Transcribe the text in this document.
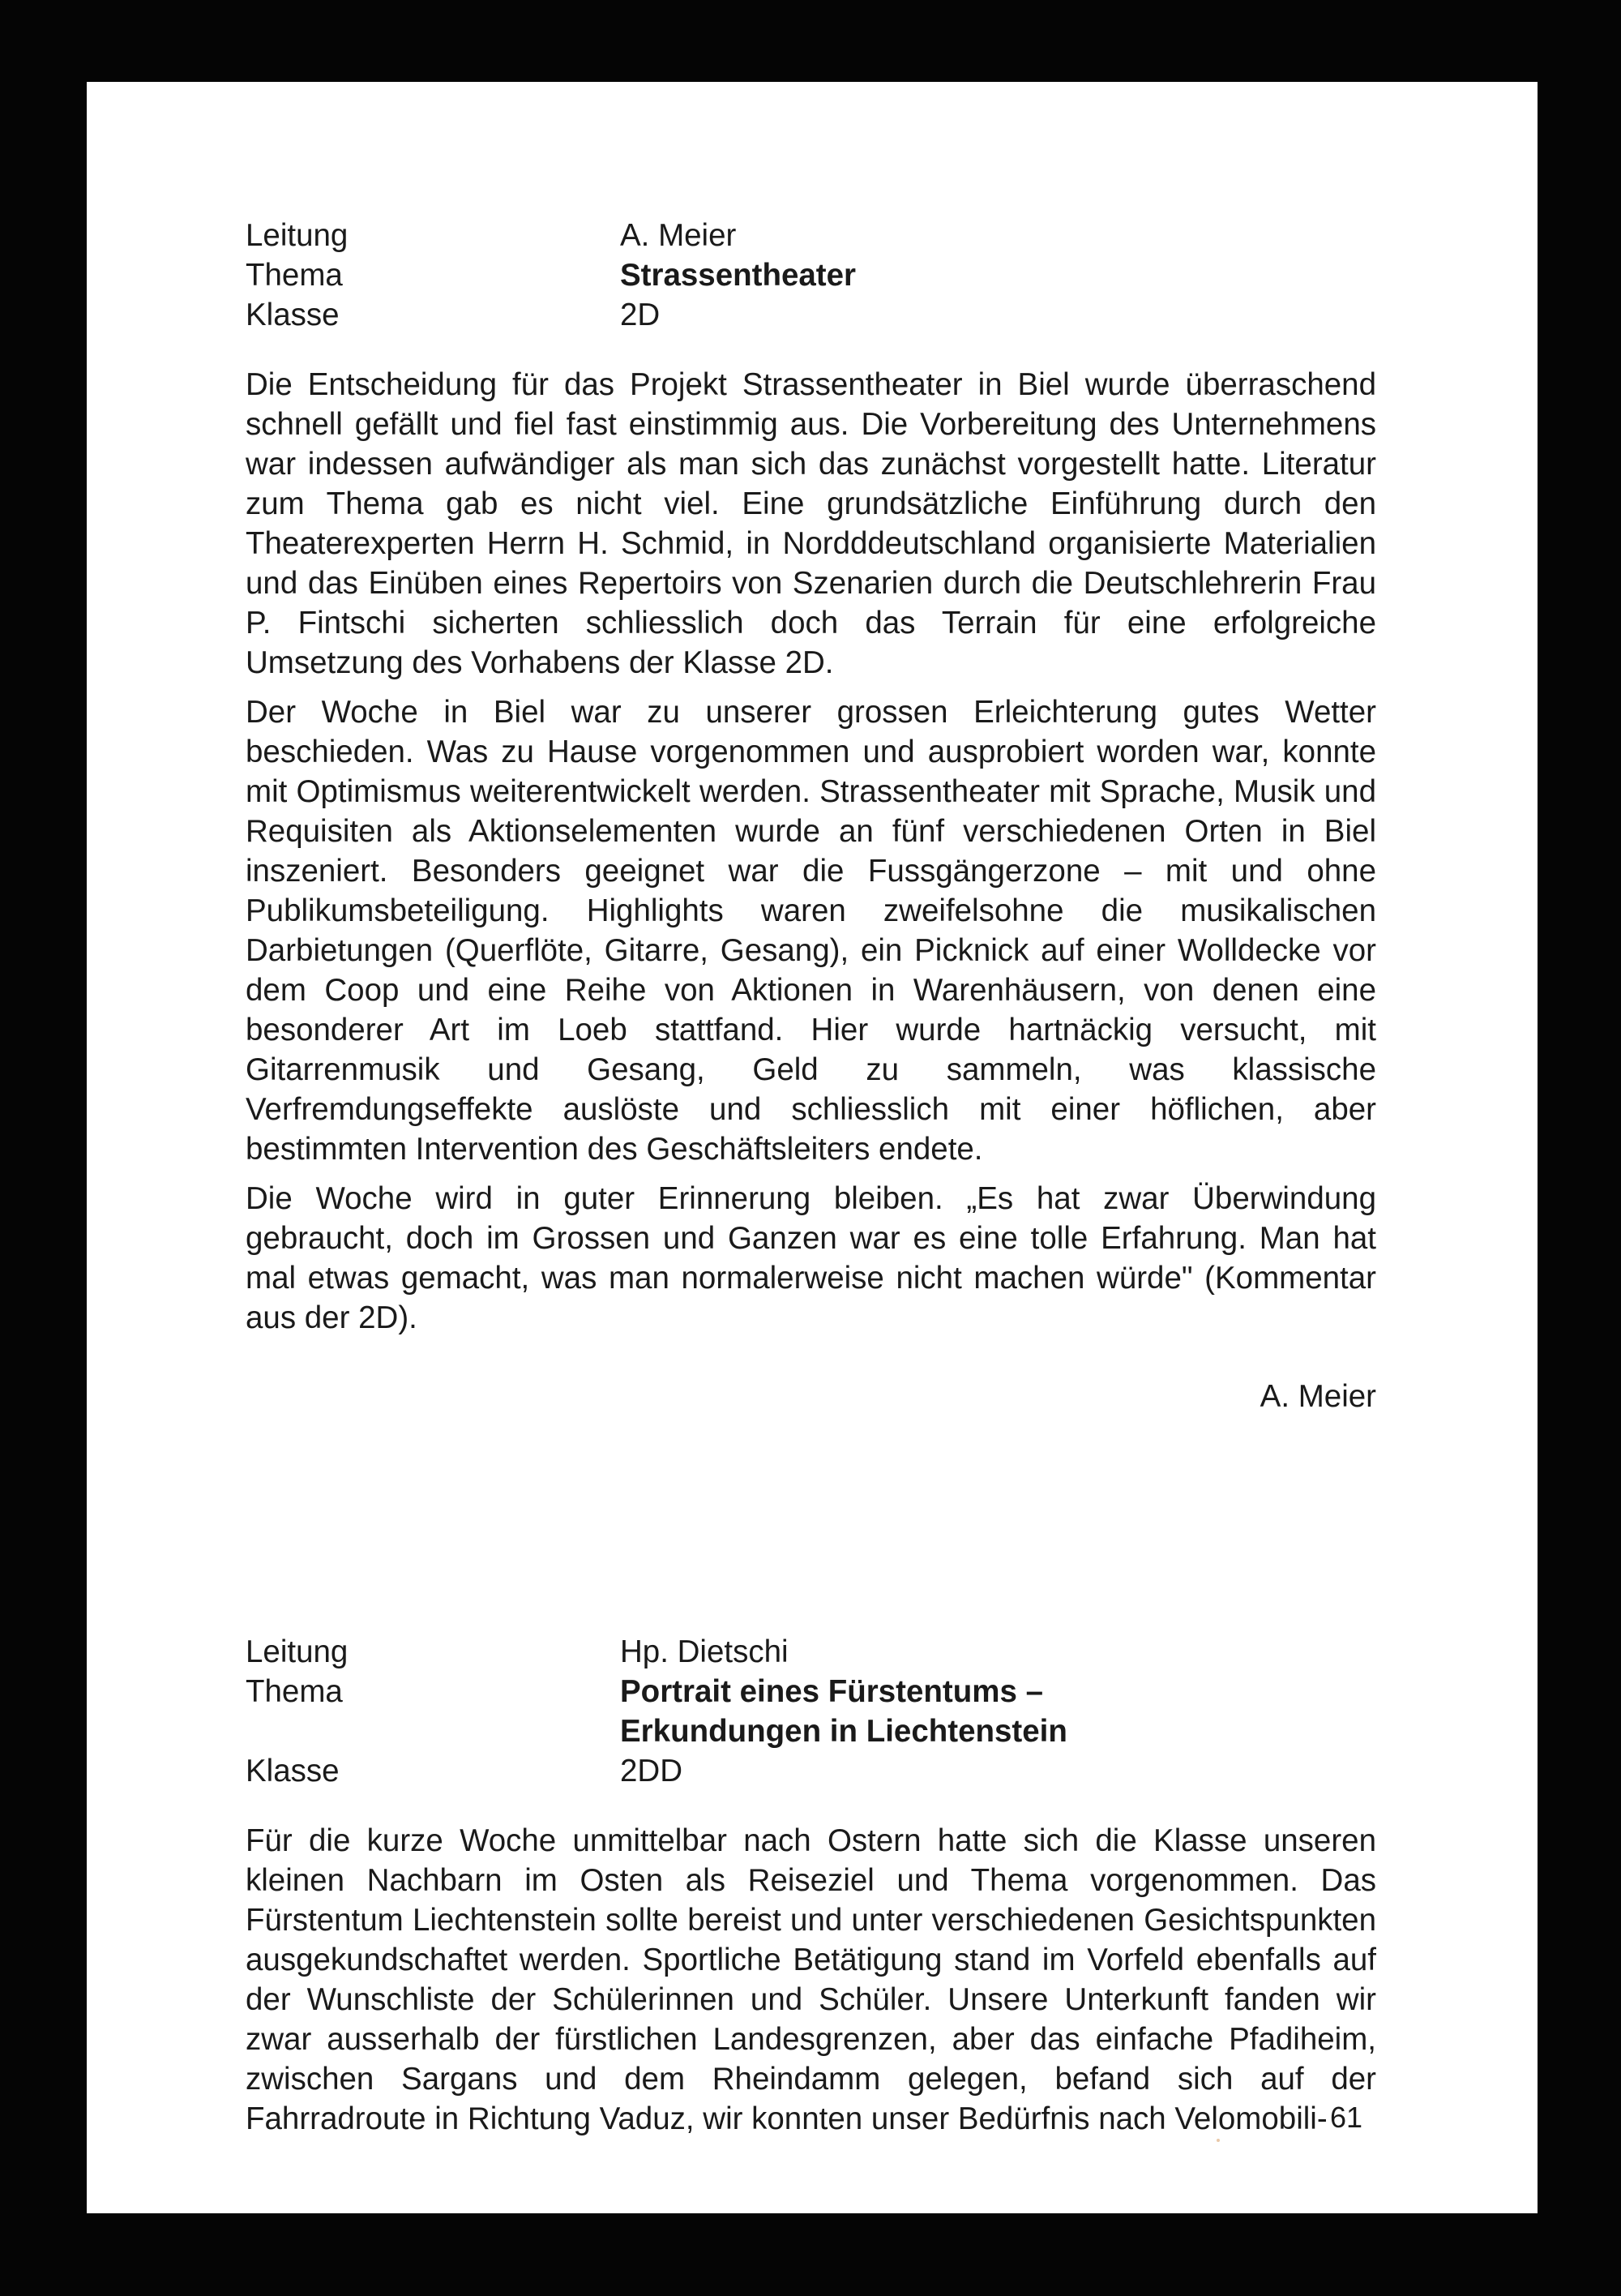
Leitung	A. Meier
Thema	Strassentheater
Klasse	2D

Die Entscheidung für das Projekt Strassentheater in Biel wurde überraschend schnell gefällt und fiel fast einstimmig aus. Die Vorbereitung des Unternehmens war indessen aufwändiger als man sich das zunächst vorgestellt hatte. Literatur zum Thema gab es nicht viel. Eine grundsätzliche Einführung durch den Theaterexperten Herrn H. Schmid, in Nordddeutschland organisierte Materialien und das Einüben eines Repertoirs von Szenarien durch die Deutschlehrerin Frau P. Fintschi sicherten schliesslich doch das Terrain für eine erfolgreiche Umsetzung des Vorhabens der Klasse 2D.

Der Woche in Biel war zu unserer grossen Erleichterung gutes Wetter beschieden. Was zu Hause vorgenommen und ausprobiert worden war, konnte mit Optimismus weiterentwickelt werden. Strassentheater mit Sprache, Musik und Requisiten als Aktionselementen wurde an fünf verschiedenen Orten in Biel inszeniert. Besonders geeignet war die Fussgängerzone – mit und ohne Publikumsbeteiligung. Highlights waren zweifelsohne die musikalischen Darbietungen (Querflöte, Gitarre, Gesang), ein Picknick auf einer Wolldecke vor dem Coop und eine Reihe von Aktionen in Warenhäusern, von denen eine besonderer Art im Loeb stattfand. Hier wurde hartnäckig versucht, mit Gitarrenmusik und Gesang, Geld zu sammeln, was klassische Verfremdungseffekte auslöste und schliesslich mit einer höflichen, aber bestimmten Intervention des Geschäftsleiters endete.

Die Woche wird in guter Erinnerung bleiben. „Es hat zwar Überwindung gebraucht, doch im Grossen und Ganzen war es eine tolle Erfahrung. Man hat mal etwas gemacht, was man normalerweise nicht machen würde" (Kommentar aus der 2D).

A. Meier
Leitung	Hp. Dietschi
Thema	Portrait eines Fürstentums –
Erkundungen in Liechtenstein
Klasse	2DD

Für die kurze Woche unmittelbar nach Ostern hatte sich die Klasse unseren kleinen Nachbarn im Osten als Reiseziel und Thema vorgenommen. Das Fürstentum Liechtenstein sollte bereist und unter verschiedenen Gesichtspunkten ausgekundschaftet werden. Sportliche Betätigung stand im Vorfeld ebenfalls auf der Wunschliste der Schülerinnen und Schüler. Unsere Unterkunft fanden wir zwar ausserhalb der fürstlichen Landesgrenzen, aber das einfache Pfadiheim, zwischen Sargans und dem Rheindamm gelegen, befand sich auf der Fahrradroute in Richtung Vaduz, wir konnten unser Bedürfnis nach Velomobili- 61
